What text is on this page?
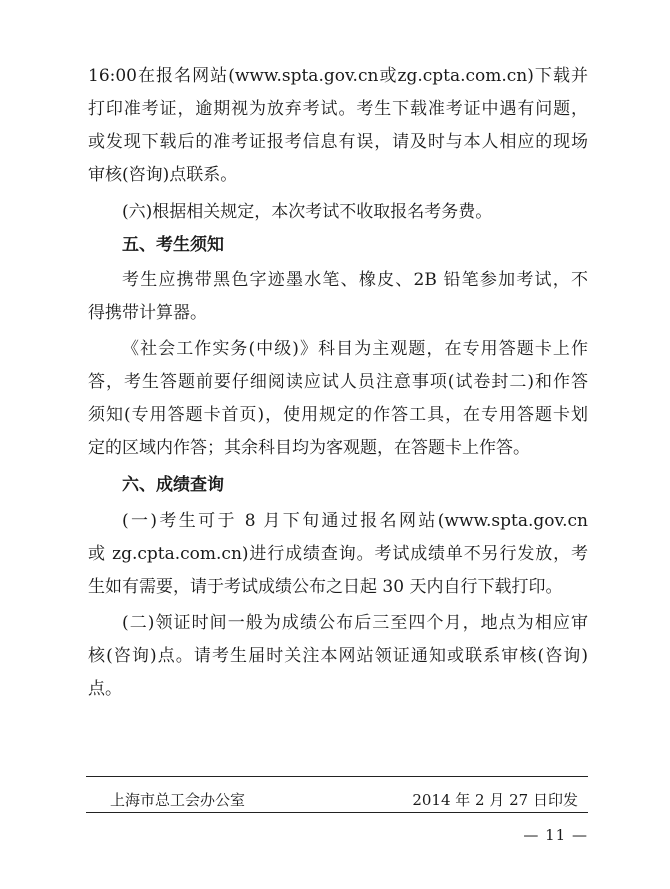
16:00在报名网站(www.spta.gov.cn或zg.cpta.com.cn)下载并
打印准考证，逾期视为放弃考试。考生下载准考证中遇有问题，
或发现下载后的准考证报考信息有误，请及时与本人相应的现场
审核(咨询)点联系。
(六)根据相关规定，本次考试不收取报名考务费。
五、考生须知
考生应携带黑色字迹墨水笔、橡皮、2B 铅笔参加考试，不
得携带计算器。
《社会工作实务(中级)》科目为主观题，在专用答题卡上作
答，考生答题前要仔细阅读应试人员注意事项(试卷封二)和作答
须知(专用答题卡首页)，使用规定的作答工具，在专用答题卡划
定的区域内作答；其余科目均为客观题，在答题卡上作答。
六、成绩查询
(一)考生可于 8 月下旬通过报名网站(www.spta.gov.cn
或 zg.cpta.com.cn)进行成绩查询。考试成绩单不另行发放，考
生如有需要，请于考试成绩公布之日起 30 天内自行下载打印。
(二)领证时间一般为成绩公布后三至四个月，地点为相应审
核(咨询)点。请考生届时关注本网站领证通知或联系审核(咨询)
点。
上海市总工会办公室	2014 年 2 月 27 日印发
— 11 —
